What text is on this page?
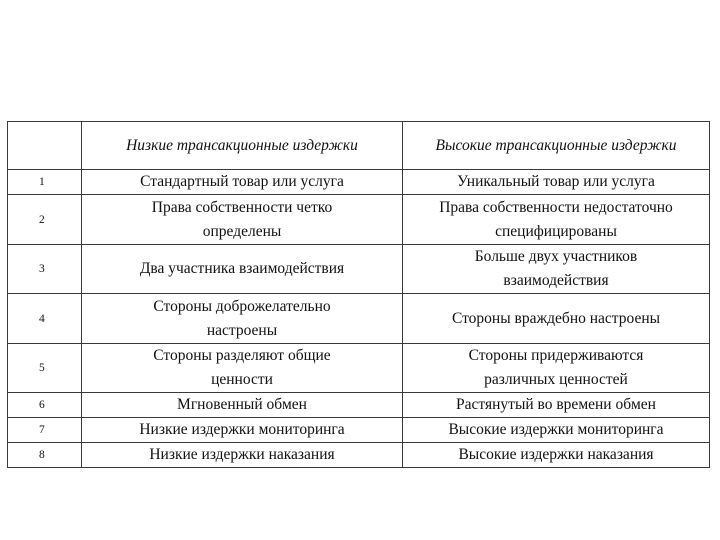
	Низкие трансакционные издержки	Высокие трансакционные издержки
1	Стандартный товар или услуга	Уникальный товар или услуга
2	Права собственности четко определены	Права собственности недостаточно специфицированы
3	Два участника взаимодействия	Больше двух участников взаимодействия
4	Стороны доброжелательно настроены	Стороны враждебно настроены
5	Стороны разделяют общие ценности	Стороны придерживаются различных ценностей
6	Мгновенный обмен	Растянутый во времени обмен
7	Низкие издержки мониторинга	Высокие издержки мониторинга
8	Низкие издержки наказания	Высокие издержки наказания
